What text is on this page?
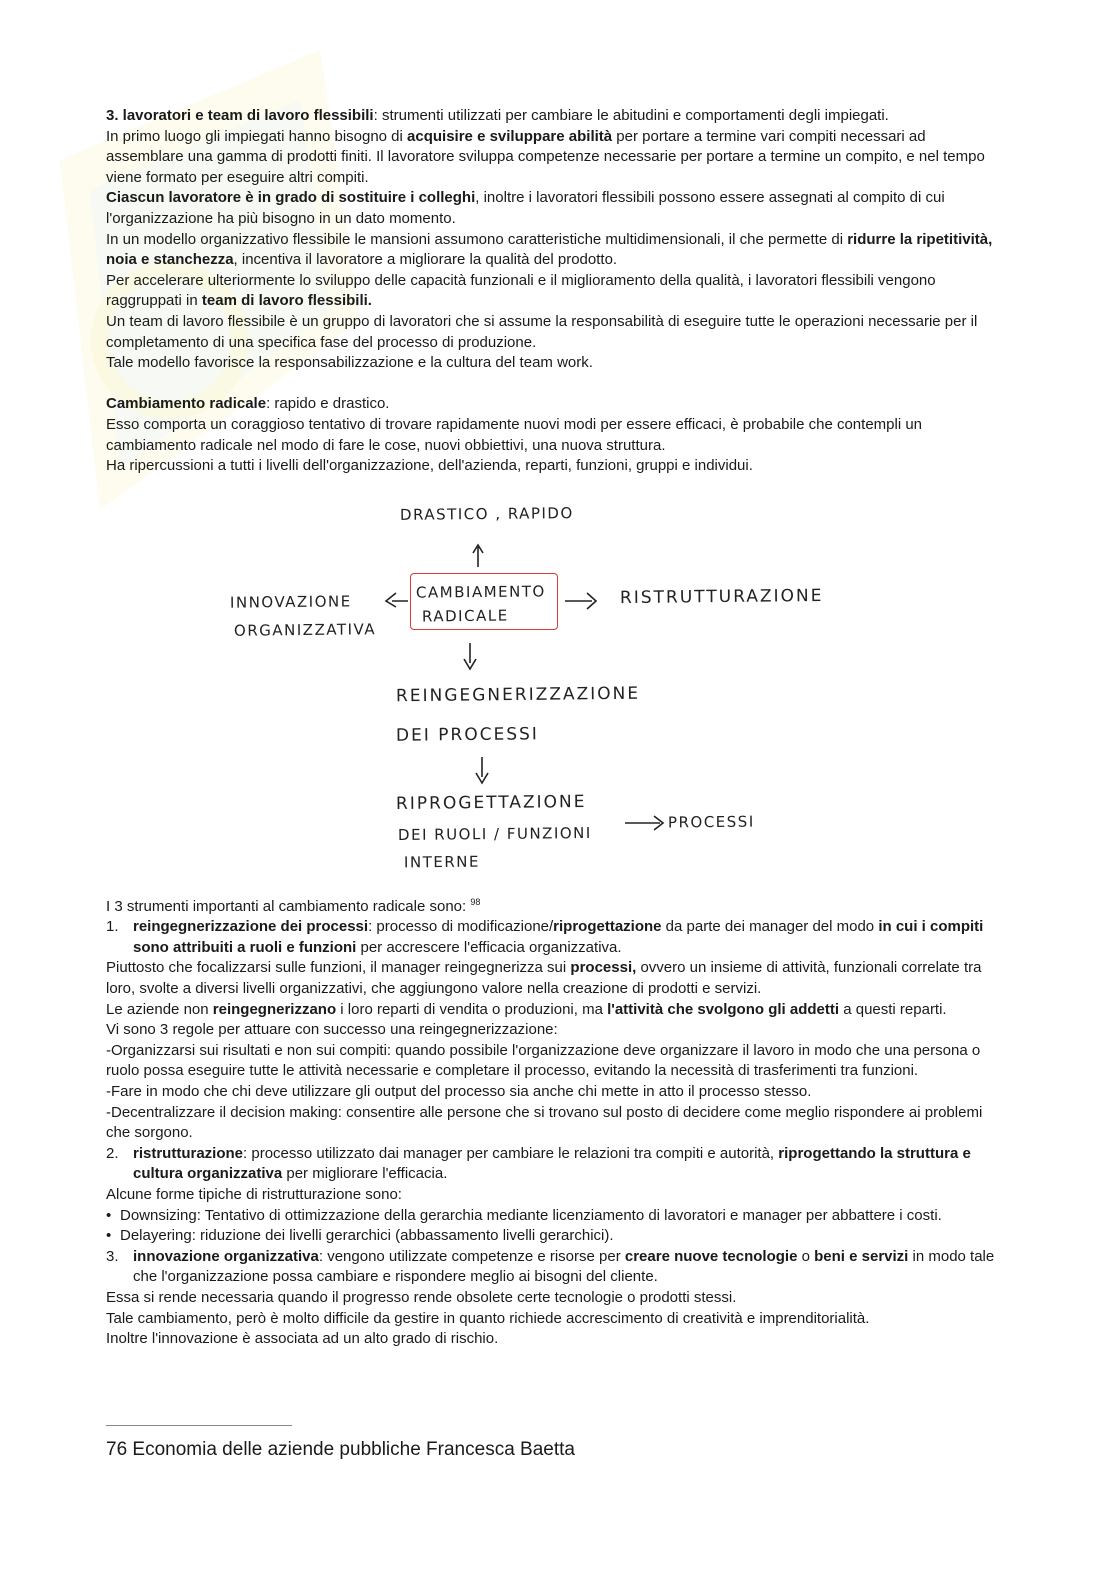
3. lavoratori e team di lavoro flessibili: strumenti utilizzati per cambiare le abitudini e comportamenti degli impiegati.

In primo luogo gli impiegati hanno bisogno di acquisire e sviluppare abilità per portare a termine vari compiti necessari ad assemblare una gamma di prodotti finiti. Il lavoratore sviluppa competenze necessarie per portare a termine un compito, e nel tempo viene formato per eseguire altri compiti.

Ciascun lavoratore è in grado di sostituire i colleghi, inoltre i lavoratori flessibili possono essere assegnati al compito di cui l'organizzazione ha più bisogno in un dato momento.

In un modello organizzativo flessibile le mansioni assumono caratteristiche multidimensionali, il che permette di ridurre la ripetitività, noia e stanchezza, incentiva il lavoratore a migliorare la qualità del prodotto.

Per accelerare ulteriormente lo sviluppo delle capacità funzionali e il miglioramento della qualità, i lavoratori flessibili vengono raggruppati in team di lavoro flessibili.

Un team di lavoro flessibile è un gruppo di lavoratori che si assume la responsabilità di eseguire tutte le operazioni necessarie per il completamento di una specifica fase del processo di produzione.

Tale modello favorisce la responsabilizzazione e la cultura del team work.

Cambiamento radicale: rapido e drastico.

Esso comporta un coraggioso tentativo di trovare rapidamente nuovi modi per essere efficaci, è probabile che contempli un cambiamento radicale nel modo di fare le cose, nuovi obbiettivi, una nuova struttura.

Ha ripercussioni a tutti i livelli dell'organizzazione, dell'azienda, reparti, funzioni, gruppi e individui.

I 3 strumenti importanti al cambiamento radicale sono: $^{98}$

1. reingegnerizzazione dei processi: processo di modificazione/riprogettazione da parte dei manager del modo in cui i compiti sono attribuiti a ruoli e funzioni per accrescere l'efficacia organizzativa.

Piuttosto che focalizzarsi sulle funzioni, il manager reingegnerizza sui processi, ovvero un insieme di attività, funzionali correlate tra loro, svolte a diversi livelli organizzativi, che aggiungono valore nella creazione di prodotti e servizi.

Le aziende non reingegnerizzano i loro reparti di vendita o produzioni, ma l'attività che svolgono gli addetti a questi reparti.

Vi sono 3 regole per attuare con successo una reingegnerizzazione:

-Organizzarsi sui risultati e non sui compiti: quando possibile l'organizzazione deve organizzare il lavoro in modo che una persona o ruolo possa eseguire tutte le attività necessarie e completare il processo, evitando la necessità di trasferimenti tra funzioni.

-Fare in modo che chi deve utilizzare gli output del processo sia anche chi mette in atto il processo stesso.

-Decentralizzare il decision making: consentire alle persone che si trovano sul posto di decidere come meglio rispondere ai problemi che sorgono.

2. ristrutturazione: processo utilizzato dai manager per cambiare le relazioni tra compiti e autorità, riprogettando la struttura e cultura organizzativa per migliorare l'efficacia.

Alcune forme tipiche di ristrutturazione sono:

• Downsizing: Tentativo di ottimizzazione della gerarchia mediante licenziamento di lavoratori e manager per abbattere i costi.
• Delayering: riduzione dei livelli gerarchici (abbassamento livelli gerarchici).
3. innovazione organizzativa: vengono utilizzate competenze e risorse per creare nuove tecnologie o beni e servizi in modo tale che l'organizzazione possa cambiare e rispondere meglio ai bisogni del cliente.

Essa si rende necessaria quando il progresso rende obsolete certe tecnologie o prodotti stessi.

Tale cambiamento, però è molto difficile da gestire in quanto richiede accrescimento di creatività e imprenditorialità.

Inoltre l'innovazione è associata ad un alto grado di rischio.

DRASTICO , RAPIDO
CAMBIAMENTO
RADICALE
INNOVAZIONE
ORGANIZZATIVA
RISTRUTTURAZIONE
REINGEGNERIZZAZIONE
DEI PROCESSI
RIPROGETTAZIONE
DEI RUOLI / FUNZIONI
INTERNE
PROCESSI
76 Economia delle aziende pubbliche Francesca Baetta
